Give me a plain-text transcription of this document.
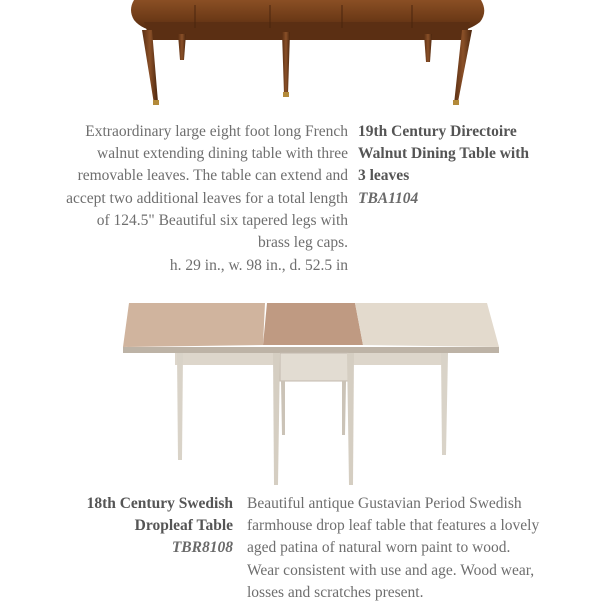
Extraordinary large eight foot long French
walnut extending dining table with three
removable leaves. The table can extend and
accept two additional leaves for a total length
of 124.5" Beautiful six tapered legs with
brass leg caps.
h. 29 in., w. 98 in., d. 52.5 in
19th Century Directoire
Walnut Dining Table with
3 leaves
TBA1104
18th Century Swedish
Dropleaf Table
TBR8108
Beautiful antique Gustavian Period Swedish
farmhouse drop leaf table that features a lovely
aged patina of natural worn paint to wood.
Wear consistent with use and age. Wood wear,
losses and scratches present.
